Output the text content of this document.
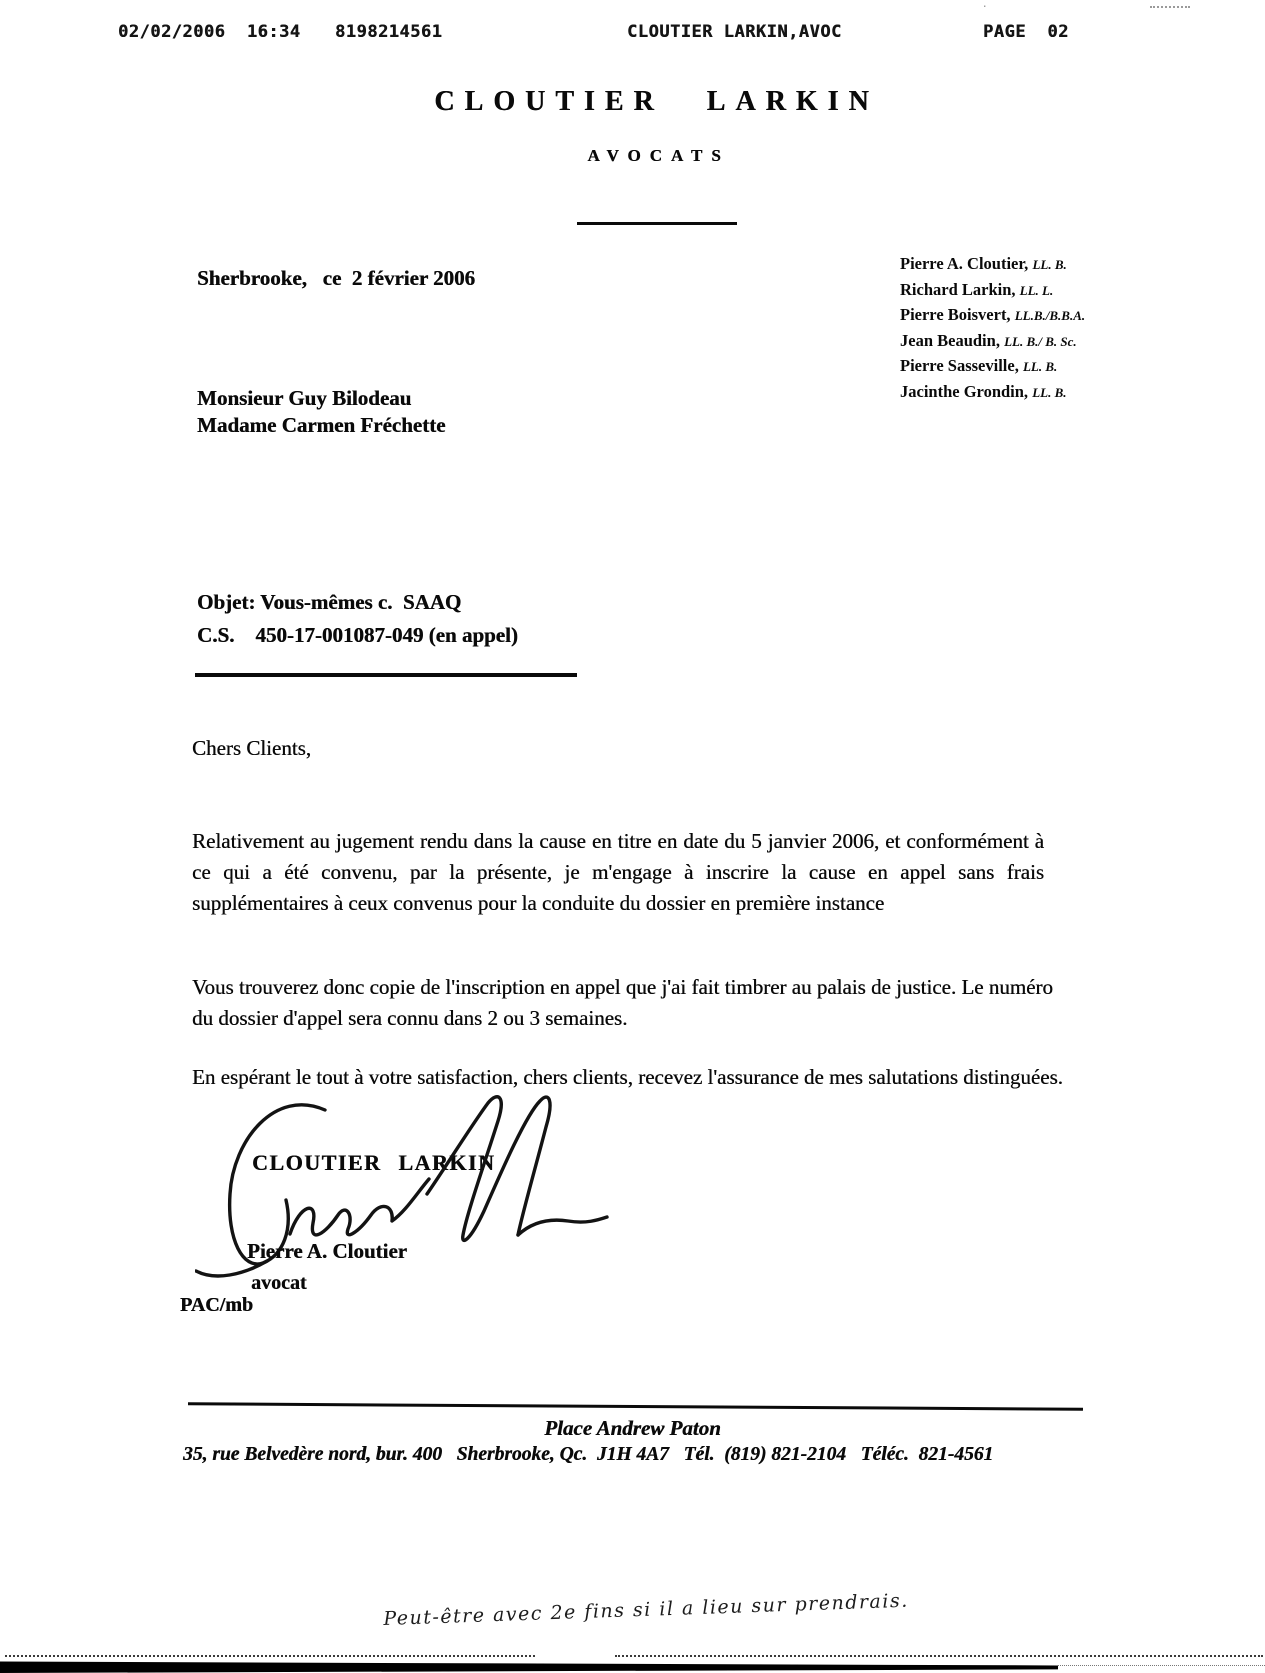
⋅
02/02/2006  16:34 8198214561	CLOUTIER LARKIN,AVOC	PAGE  02
CLOUTIER LARKIN
AVOCATS
Sherbrooke,   ce  2 février 2006
Pierre A. Cloutier, LL. B.
Richard Larkin, LL. L.
Pierre Boisvert, LL.B./B.B.A.
Jean Beaudin, LL. B./ B. Sc.
Pierre Sasseville, LL. B.
Jacinthe Grondin, LL. B.
Monsieur Guy Bilodeau
Madame Carmen Fréchette
Objet: Vous-mêmes c.  SAAQ
C.S.    450-17-001087-049 (en appel)
Chers Clients,
Relativement au jugement rendu dans la cause en titre en date du 5 janvier 2006, et conformément à ce qui a été convenu, par la présente, je m'engage à inscrire la cause en appel sans frais supplémentaires à ceux convenus pour la conduite du dossier en première instance
Vous trouverez donc copie de l'inscription en appel que j'ai fait timbrer au palais de justice. Le numéro du dossier d'appel sera connu dans 2 ou 3 semaines.
En espérant le tout à votre satisfaction, chers clients, recevez l'assurance de mes salutations distinguées.
CLOUTIER LARKIN
Pierre A. Cloutier
avocat
PAC/mb
Place Andrew Paton
35, rue Belvedère nord, bur. 400   Sherbrooke, Qc.  J1H 4A7   Tél.  (819) 821-2104   Téléc.  821-4561
Peut-être avec 2e fins si il a lieu sur prendrais.
